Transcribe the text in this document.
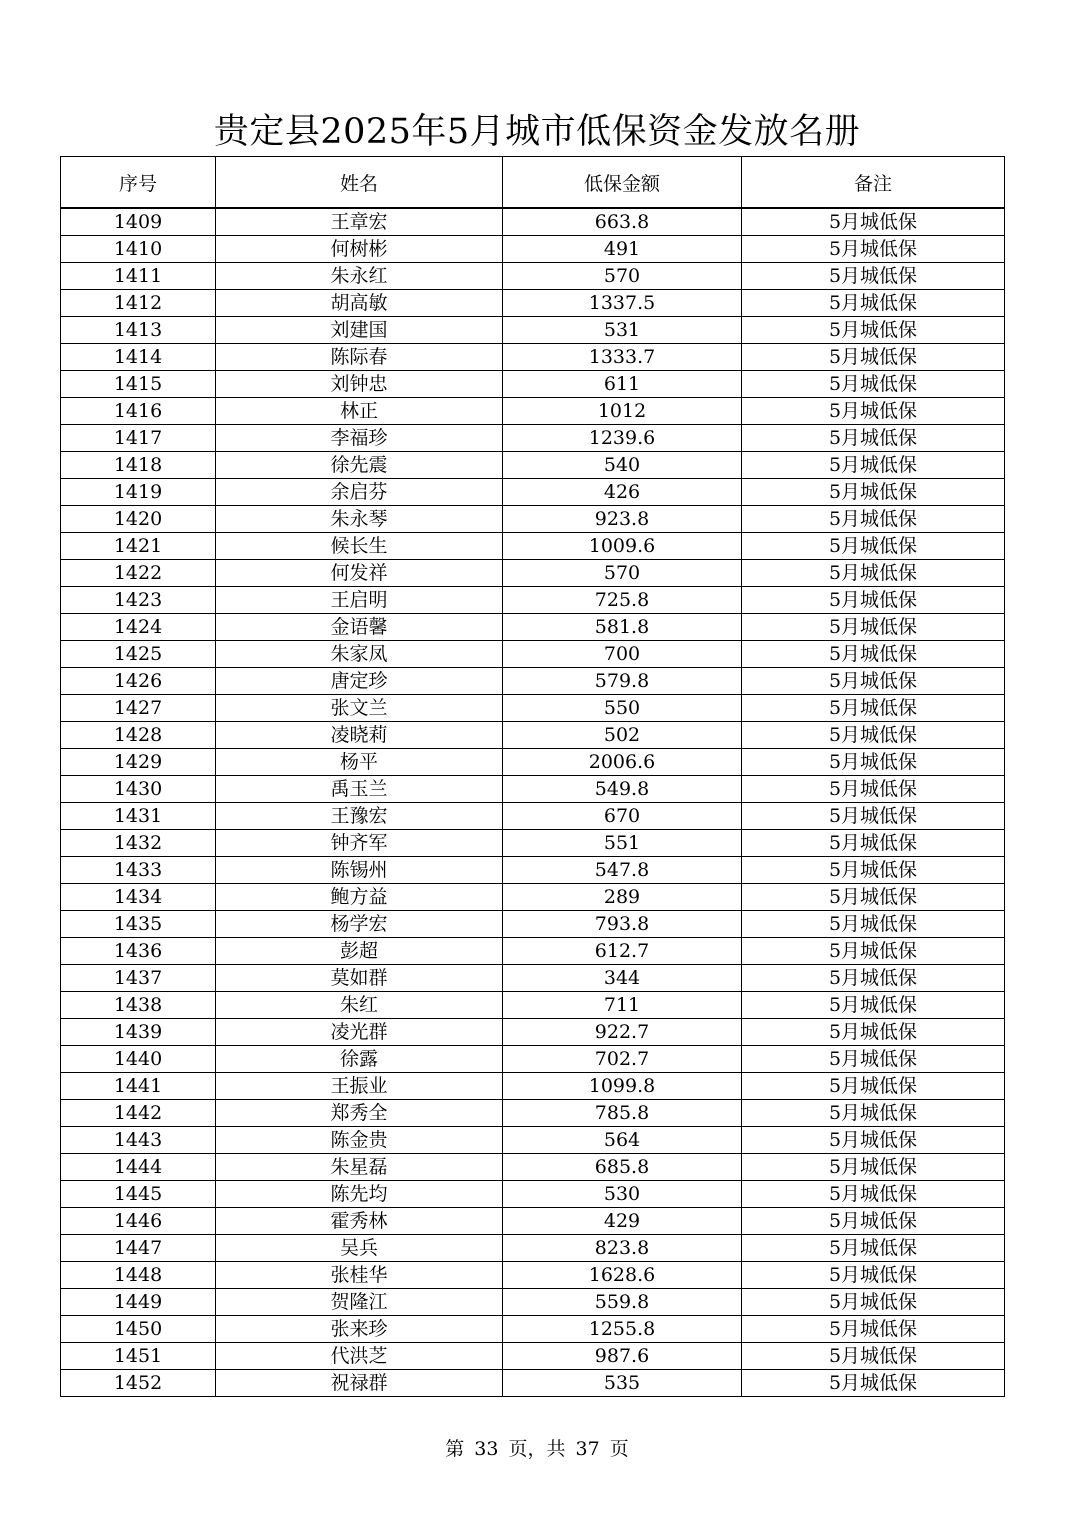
贵定县2025年5月城市低保资金发放名册
序号	姓名	低保金额	备注
1409	王章宏	663.8	5月城低保
1410	何树彬	491	5月城低保
1411	朱永红	570	5月城低保
1412	胡高敏	1337.5	5月城低保
1413	刘建国	531	5月城低保
1414	陈际春	1333.7	5月城低保
1415	刘钟忠	611	5月城低保
1416	林正	1012	5月城低保
1417	李福珍	1239.6	5月城低保
1418	徐先震	540	5月城低保
1419	余启芬	426	5月城低保
1420	朱永琴	923.8	5月城低保
1421	候长生	1009.6	5月城低保
1422	何发祥	570	5月城低保
1423	王启明	725.8	5月城低保
1424	金语馨	581.8	5月城低保
1425	朱家凤	700	5月城低保
1426	唐定珍	579.8	5月城低保
1427	张文兰	550	5月城低保
1428	凌晓莉	502	5月城低保
1429	杨平	2006.6	5月城低保
1430	禹玉兰	549.8	5月城低保
1431	王豫宏	670	5月城低保
1432	钟齐军	551	5月城低保
1433	陈锡州	547.8	5月城低保
1434	鲍方益	289	5月城低保
1435	杨学宏	793.8	5月城低保
1436	彭超	612.7	5月城低保
1437	莫如群	344	5月城低保
1438	朱红	711	5月城低保
1439	凌光群	922.7	5月城低保
1440	徐露	702.7	5月城低保
1441	王振业	1099.8	5月城低保
1442	郑秀全	785.8	5月城低保
1443	陈金贵	564	5月城低保
1444	朱星磊	685.8	5月城低保
1445	陈先均	530	5月城低保
1446	霍秀林	429	5月城低保
1447	吴兵	823.8	5月城低保
1448	张桂华	1628.6	5月城低保
1449	贺隆江	559.8	5月城低保
1450	张来珍	1255.8	5月城低保
1451	代洪芝	987.6	5月城低保
1452	祝禄群	535	5月城低保
第 33 页，共 37 页
